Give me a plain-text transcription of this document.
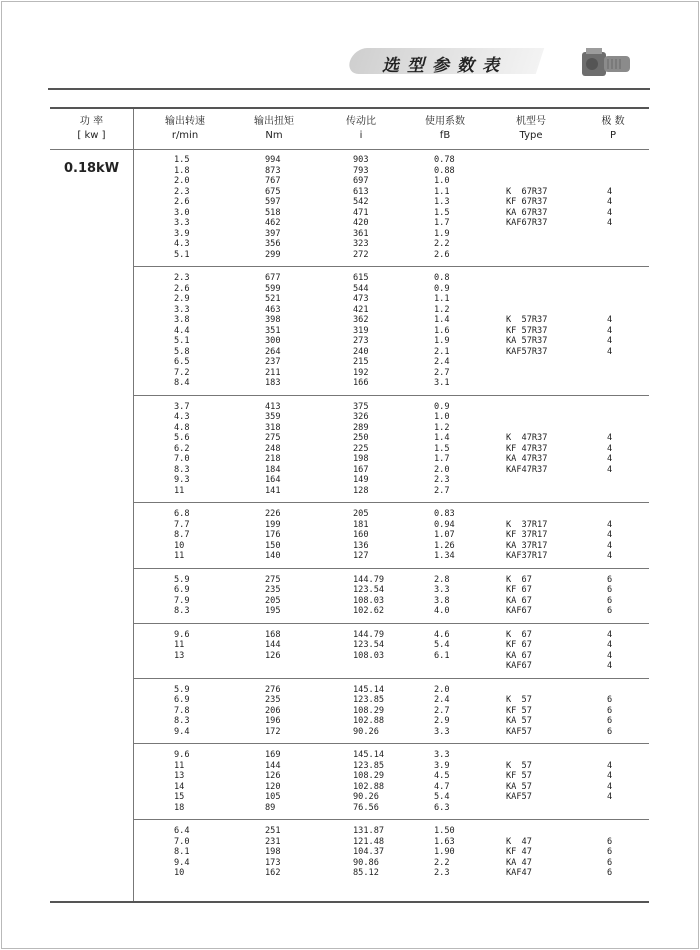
选型参数表
功 率
[ kw ]
输出转速
r/min
输出扭矩
Nm
传动比
i
使用系数
fB
机型号
Type
极 数
P
0.18kW
1.5
1.8
2.0
2.3
2.6
3.0
3.3
3.9
4.3
5.1
994
873
767
675
597
518
462
397
356
299
903
793
697
613
542
471
420
361
323
272
0.78
0.88
1.0
1.1
1.3
1.5
1.7
1.9
2.2
2.6
K  67R37
KF 67R37
KA 67R37
KAF67R37
4
4
4
4
2.3
2.6
2.9
3.3
3.8
4.4
5.1
5.8
6.5
7.2
8.4
677
599
521
463
398
351
300
264
237
211
183
615
544
473
421
362
319
273
240
215
192
166
0.8
0.9
1.1
1.2
1.4
1.6
1.9
2.1
2.4
2.7
3.1
K  57R37
KF 57R37
KA 57R37
KAF57R37
4
4
4
4
3.7
4.3
4.8
5.6
6.2
7.0
8.3
9.3
11
413
359
318
275
248
218
184
164
141
375
326
289
250
225
198
167
149
128
0.9
1.0
1.2
1.4
1.5
1.7
2.0
2.3
2.7
K  47R37
KF 47R37
KA 47R37
KAF47R37
4
4
4
4
6.8
7.7
8.7
10
11
226
199
176
150
140
205
181
160
136
127
0.83
0.94
1.07
1.26
1.34
K  37R17
KF 37R17
KA 37R17
KAF37R17
4
4
4
4
5.9
6.9
7.9
8.3
275
235
205
195
144.79
123.54
108.03
102.62
2.8
3.3
3.8
4.0
K  67
KF 67
KA 67
KAF67
6
6
6
6
9.6
11
13
168
144
126
144.79
123.54
108.03
4.6
5.4
6.1
K  67
KF 67
KA 67
KAF67
4
4
4
4
5.9
6.9
7.8
8.3
9.4
276
235
206
196
172
145.14
123.85
108.29
102.88
90.26
2.0
2.4
2.7
2.9
3.3
K  57
KF 57
KA 57
KAF57
6
6
6
6
9.6
11
13
14
15
18
169
144
126
120
105
89
145.14
123.85
108.29
102.88
90.26
76.56
3.3
3.9
4.5
4.7
5.4
6.3
K  57
KF 57
KA 57
KAF57
4
4
4
4
6.4
7.0
8.1
9.4
10
251
231
198
173
162
131.87
121.48
104.37
90.86
85.12
1.50
1.63
1.90
2.2
2.3
K  47
KF 47
KA 47
KAF47
6
6
6
6
